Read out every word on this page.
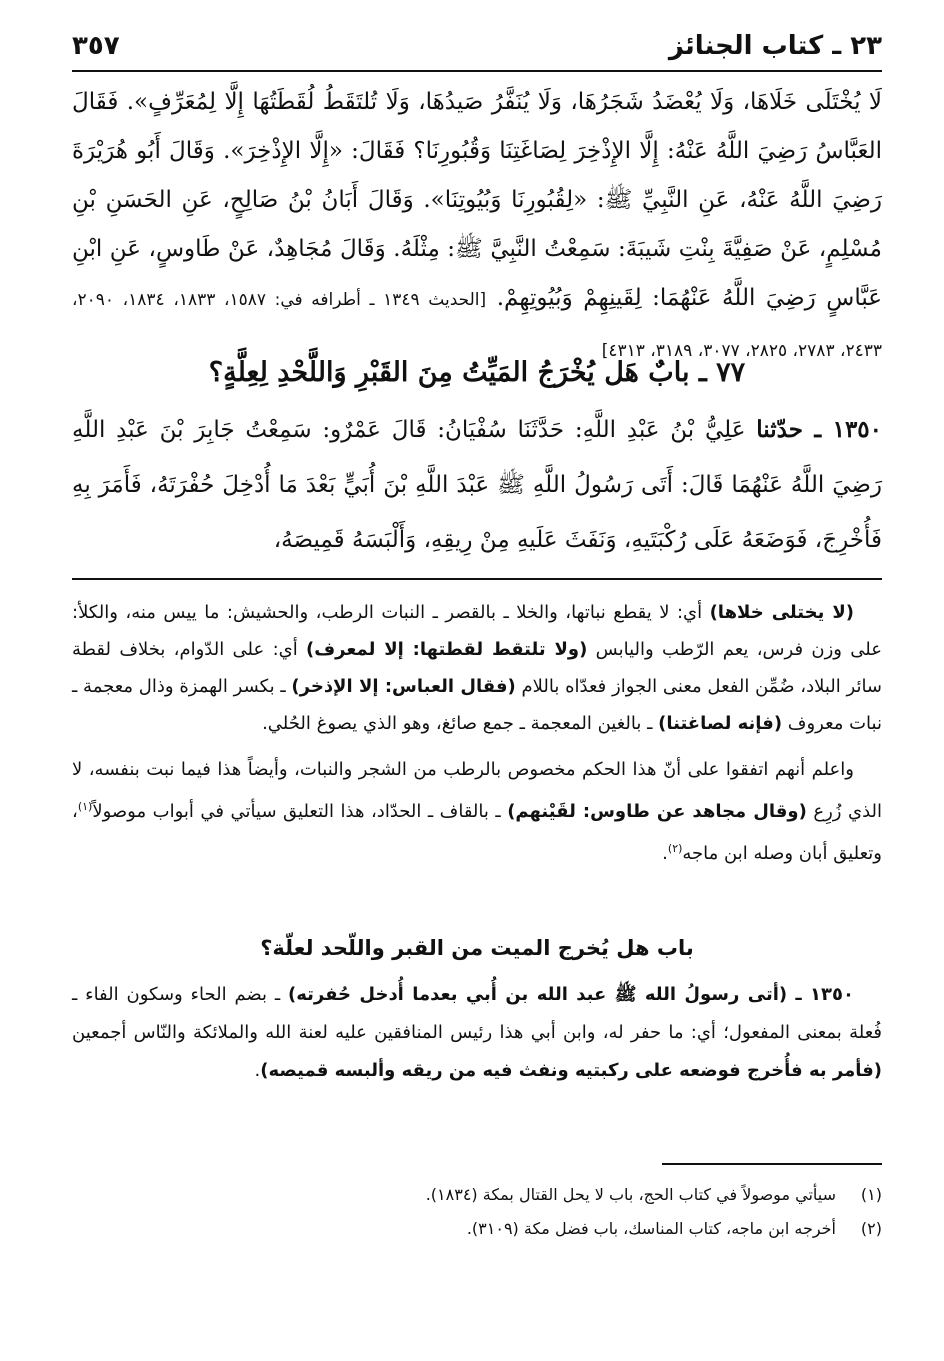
٢٣ ـ كتاب الجنائز
٣٥٧

لَا يُخْتَلَى خَلَاهَا، وَلَا يُعْضَدُ شَجَرُهَا، وَلَا يُنَفَّرُ صَيدُهَا، وَلَا تُلتَقَطُ لُقَطَتُهَا إِلَّا لِمُعَرِّفٍ». فَقَالَ العَبَّاسُ رَضِيَ اللَّهُ عَنْهُ: إِلَّا الإِذْخِرَ لِصَاغَتِنَا وَقُبُورِنَا؟ فَقَالَ: «إِلَّا الإِذْخِرَ». وَقَالَ أَبُو هُرَيْرَةَ رَضِيَ اللَّهُ عَنْهُ، عَنِ النَّبِيِّ ﷺ: «لِقُبُورِنَا وَبُيُوتِنَا». وَقَالَ أَبَانُ بْنُ صَالِحٍ، عَنِ الحَسَنِ بْنِ مُسْلِمٍ، عَنْ صَفِيَّةَ بِنْتِ شَيبَةَ: سَمِعْتُ النَّبِيَّ ﷺ: مِثْلَهُ. وَقَالَ مُجَاهِدٌ، عَنْ طَاوسٍ، عَنِ ابْنِ عَبَّاسٍ رَضِيَ اللَّهُ عَنْهُمَا: لِقَينِهِمْ وَبُيُوتِهِمْ. [الحديث ١٣٤٩ ـ أطرافه في: ١٥٨٧، ١٨٣٣، ١٨٣٤، ٢٠٩٠، ٢٤٣٣، ٢٧٨٣، ٢٨٢٥، ٣٠٧٧، ٣١٨٩، ٤٣١٣]

٧٧ ـ بابٌ هَل يُخْرَجُ المَيِّتُ مِنَ القَبْرِ وَاللَّحْدِ لِعِلَّةٍ؟

١٣٥٠ ـ حدّثنا عَلِيُّ بْنُ عَبْدِ اللَّهِ: حَدَّثَنَا سُفْيَانُ: قَالَ عَمْرٌو: سَمِعْتُ جَابِرَ بْنَ عَبْدِ اللَّهِ رَضِيَ اللَّهُ عَنْهُمَا قَالَ: أَتَى رَسُولُ اللَّهِ ﷺ عَبْدَ اللَّهِ بْنَ أُبَيٍّ بَعْدَ مَا أُدْخِلَ حُفْرَتَهُ، فَأَمَرَ بِهِ فَأُخْرِجَ، فَوَضَعَهُ عَلَى رُكْبَتَيهِ، وَنَفَثَ عَلَيهِ مِنْ رِيقِهِ، وَأَلْبَسَهُ قَمِيصَهُ،

(لا يختلى خلاها) أي: لا يقطع نباتها، والخلا ـ بالقصر ـ النبات الرطب، والحشيش: ما ييس منه، والكلأ: على وزن فرس، يعم الرّطب واليابس (ولا تلتقط لقطتها: إلا لمعرف) أي: على الدّوام، بخلاف لقطة سائر البلاد، ضُمِّن الفعل معنى الجواز فعدّاه باللام (فقال العباس: إلا الإذخر) ـ بكسر الهمزة وذال معجمة ـ نبات معروف (فإنه لصاغتنا) ـ بالغين المعجمة ـ جمع صائغ، وهو الذي يصوغ الحُلي.

واعلم أنهم اتفقوا على أنّ هذا الحكم مخصوص بالرطب من الشجر والنبات، وأيضاً هذا فيما نبت بنفسه، لا الذي زُرِع (وقال مجاهد عن طاوس: لقَيْنهم) ـ بالقاف ـ الحدّاد، هذا التعليق سيأتي في أبواب موصولاً$^{(١)}$، وتعليق أبان وصله ابن ماجه$^{(٢)}$.

باب هل يُخرج الميت من القبر واللّحد لعلّة؟

١٣٥٠ ـ (أتى رسولُ الله ﷺ عبد الله بن أُبي بعدما أُدخل حُفرته) ـ بضم الحاء وسكون الفاء ـ فُعلة بمعنى المفعول؛ أي: ما حفر له، وابن أبي هذا رئيس المنافقين عليه لعنة الله والملائكة والنّاس أجمعين (فأمر به فأُخرج فوضعه على ركبتيه ونفث فيه من ريقه وألبسه قميصه).

(١)
سيأتي موصولاً في كتاب الحج، باب لا يحل القتال بمكة (١٨٣٤).
(٢)
أخرجه ابن ماجه، كتاب المناسك، باب فضل مكة (٣١٠٩).
